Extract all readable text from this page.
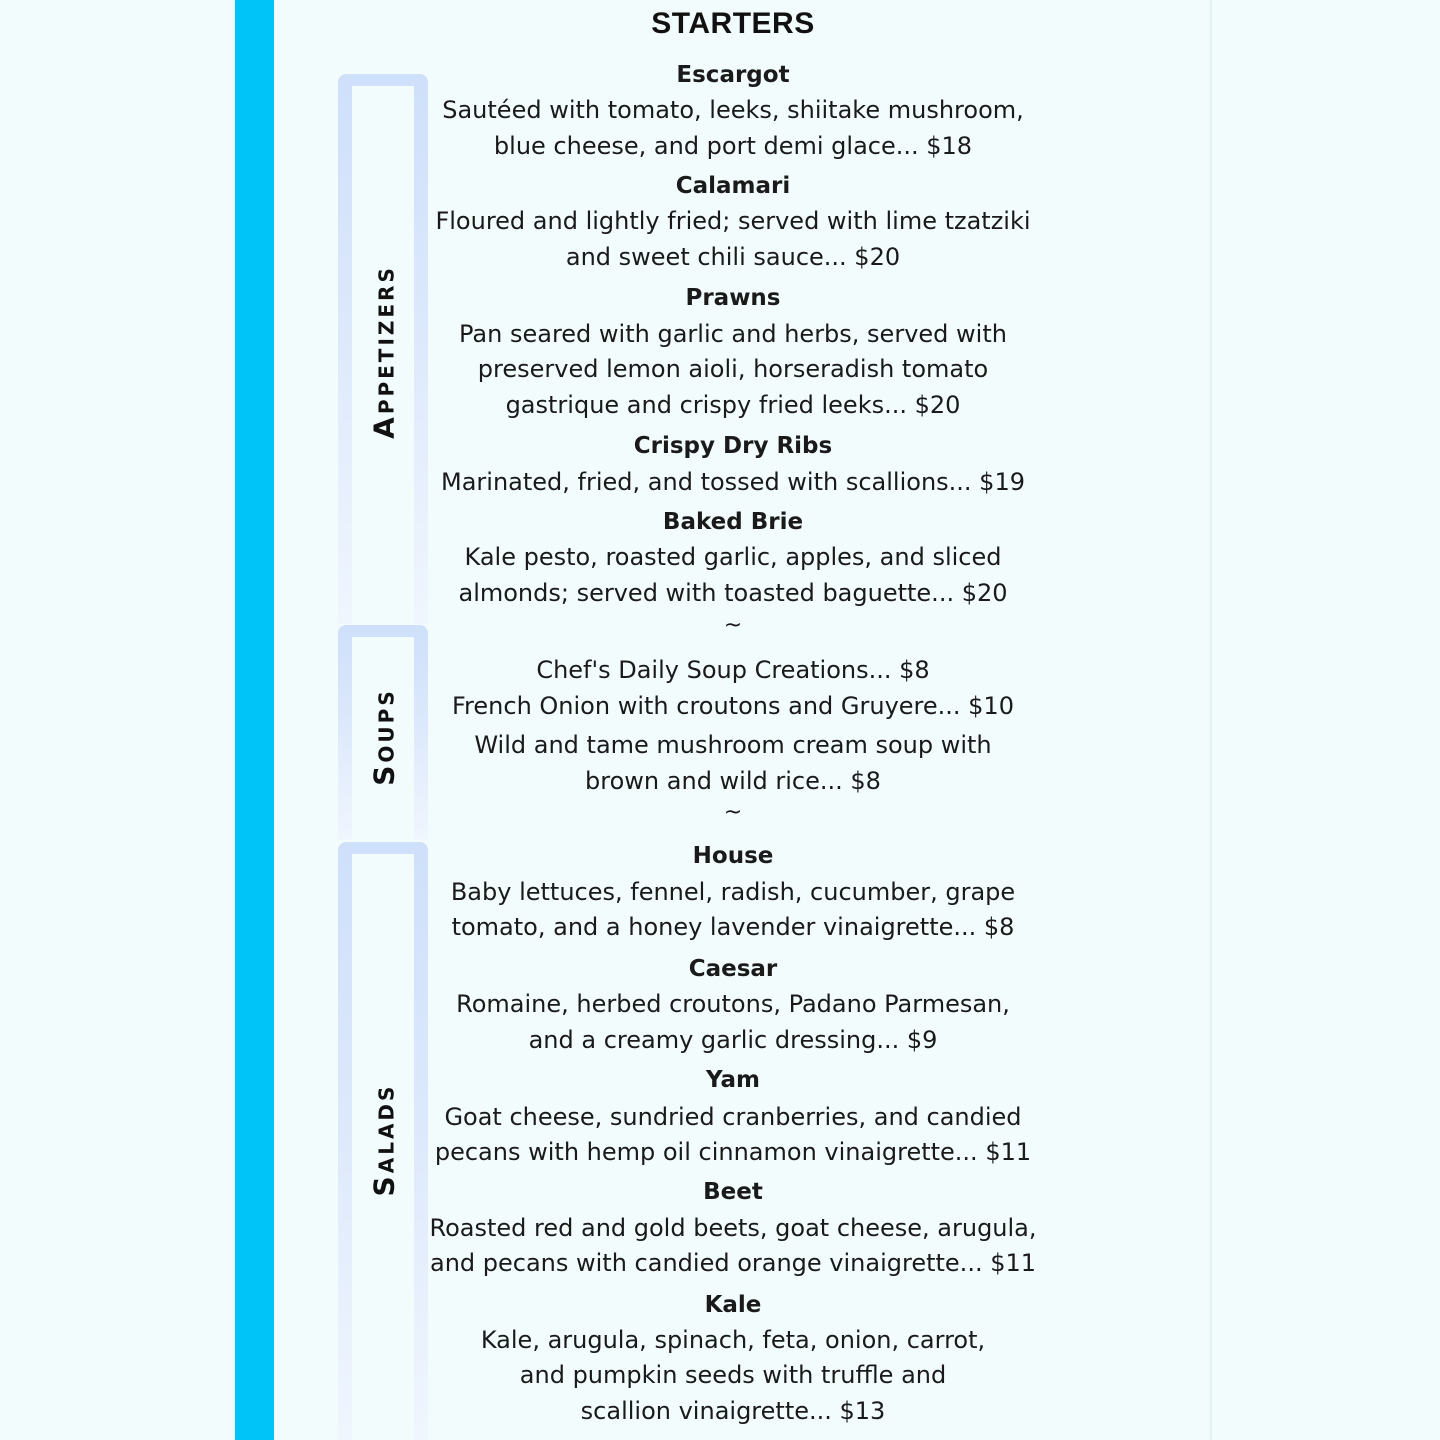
Appetizers
Soups
Salads
STARTERS
Escargot
Sautéed with tomato, leeks, shiitake mushroom,
blue cheese, and port demi glace... $18
Calamari
Floured and lightly fried; served with lime tzatziki
and sweet chili sauce... $20
Prawns
Pan seared with garlic and herbs, served with
preserved lemon aioli, horseradish tomato
gastrique and crispy fried leeks... $20
Crispy Dry Ribs
Marinated, fried, and tossed with scallions... $19
Baked Brie
Kale pesto, roasted garlic, apples, and sliced
almonds; served with toasted baguette... $20
~
Chef's Daily Soup Creations... $8
French Onion with croutons and Gruyere... $10
Wild and tame mushroom cream soup with
brown and wild rice... $8
~
House
Baby lettuces, fennel, radish, cucumber, grape
tomato, and a honey lavender vinaigrette... $8
Caesar
Romaine, herbed croutons, Padano Parmesan,
and a creamy garlic dressing... $9
Yam
Goat cheese, sundried cranberries, and candied
pecans with hemp oil cinnamon vinaigrette... $11
Beet
Roasted red and gold beets, goat cheese, arugula,
and pecans with candied orange vinaigrette... $11
Kale
Kale, arugula, spinach, feta, onion, carrot,
and pumpkin seeds with truffle and
scallion vinaigrette... $13
